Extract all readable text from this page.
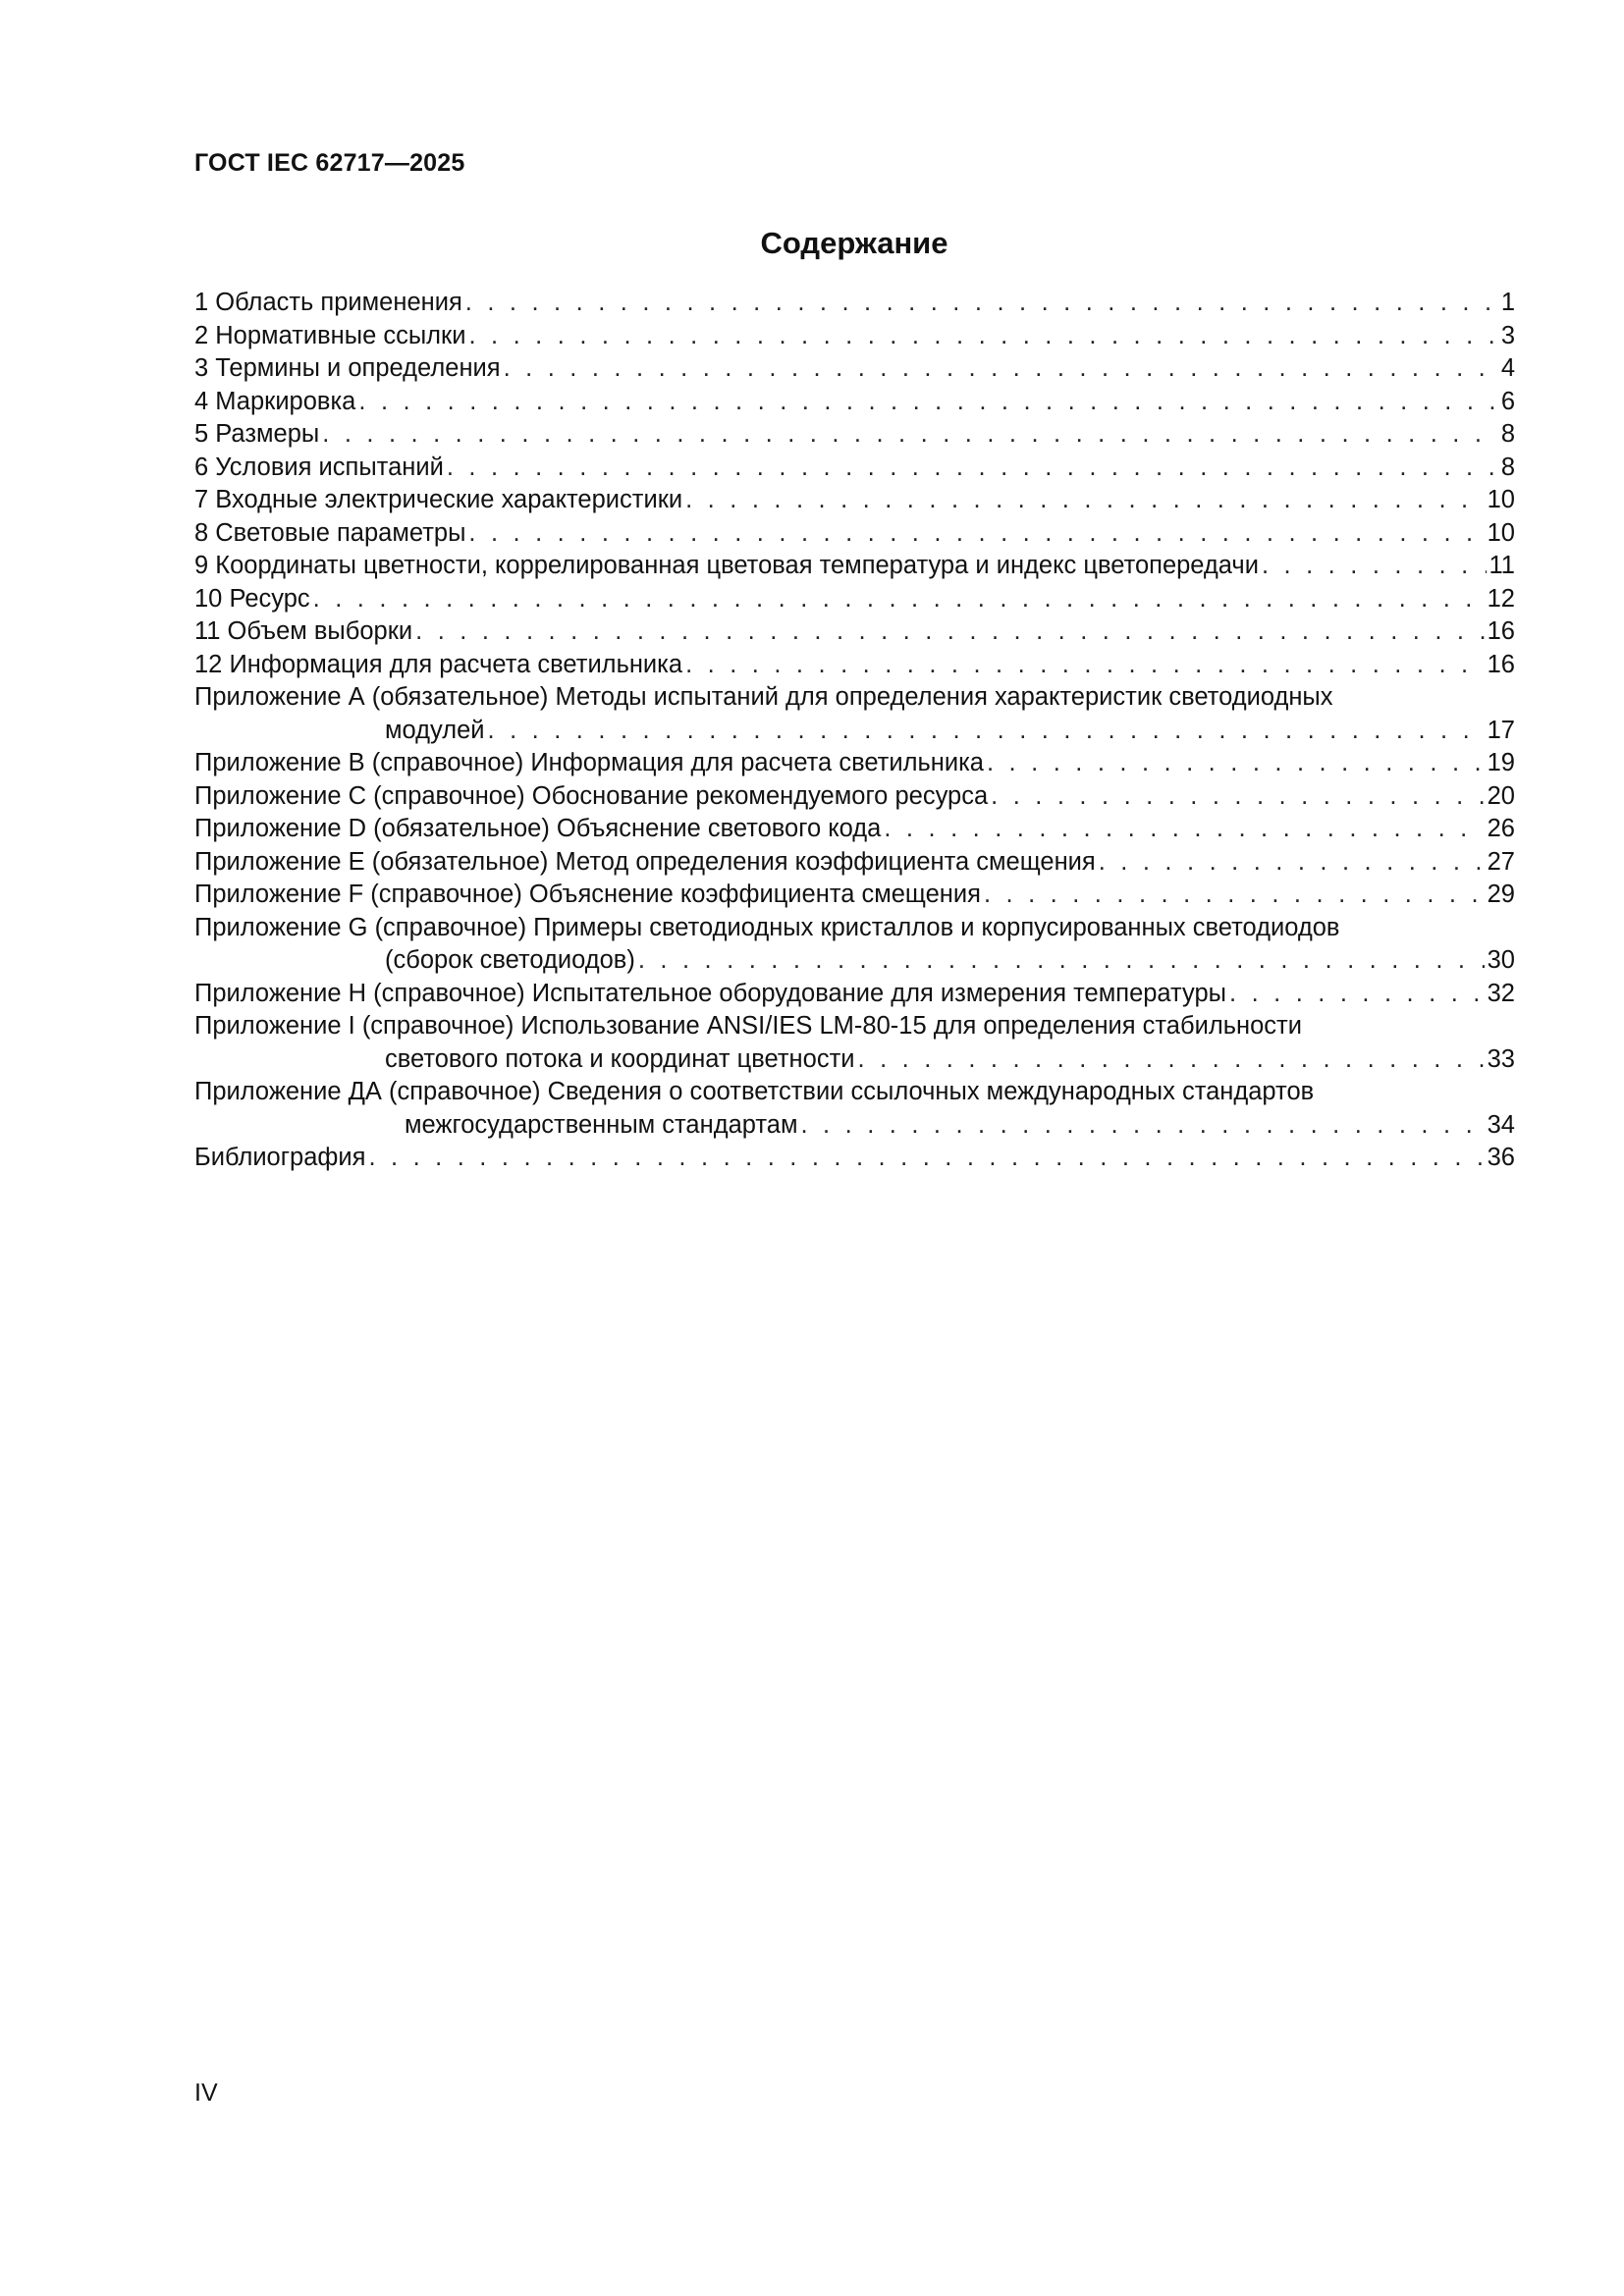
ГОСТ IEC 62717—2025
Содержание
1 Область применения . . .	1
2 Нормативные ссылки . . .	3
3 Термины и определения . . .	4
4 Маркировка . . .	6
5 Размеры . . .	8
6 Условия испытаний . . .	8
7 Входные электрические характеристики . . .	10
8 Световые параметры . . .	10
9 Координаты цветности, коррелированная цветовая температура и индекс цветопередачи . . .	11
10 Ресурс . . .	12
11 Объем выборки . . .	16
12 Информация для расчета светильника . . .	16
Приложение А (обязательное) Методы испытаний для определения характеристик светодиодных
модулей . . .	17
Приложение В (справочное) Информация для расчета светильника . . .	19
Приложение С (справочное) Обоснование рекомендуемого ресурса . . .	20
Приложение D (обязательное) Объяснение светового кода . . .	26
Приложение Е (обязательное) Метод определения коэффициента смещения . . .	27
Приложение F (справочное) Объяснение коэффициента смещения . . .	29
Приложение G (справочное) Примеры светодиодных кристаллов и корпусированных светодиодов
(сборок светодиодов) . . .	30
Приложение Н (справочное) Испытательное оборудование для измерения температуры . . .	32
Приложение I (справочное) Использование ANSI/IES LM-80-15 для определения стабильности
светового потока и координат цветности . . .	33
Приложение ДА (справочное) Сведения о соответствии ссылочных международных стандартов
межгосударственным стандартам . . .	34
Библиография . . .	36
IV
